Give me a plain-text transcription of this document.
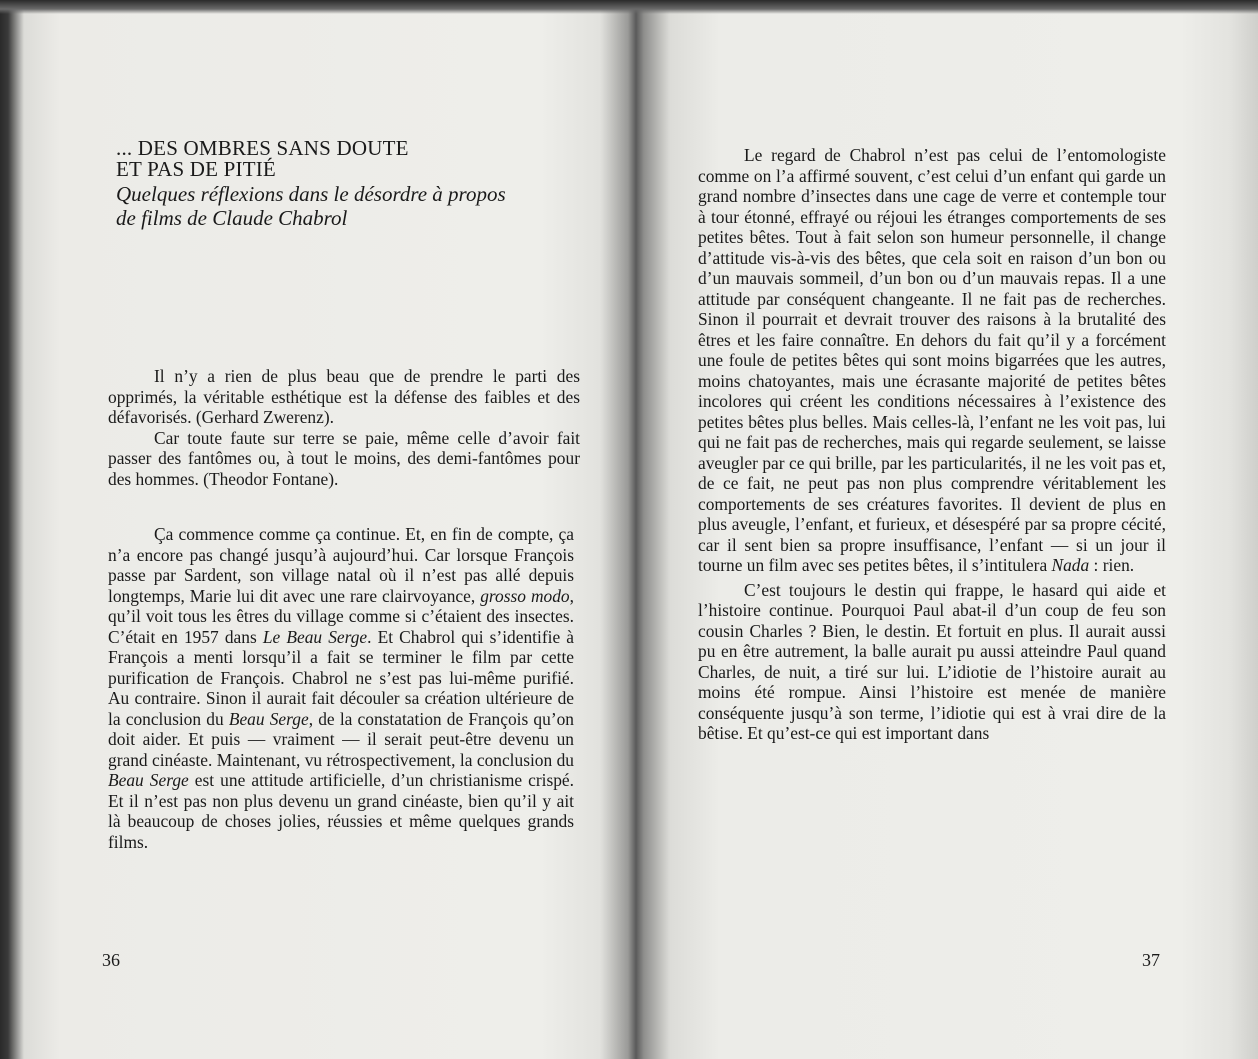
... DES OMBRES SANS DOUTE
ET PAS DE PITIÉ
Quelques réflexions dans le désordre à propos
de films de Claude Chabrol

Il n’y a rien de plus beau que de prendre le parti des opprimés, la véritable esthétique est la défense des faibles et des défavorisés. (Gerhard Zwerenz).

Car toute faute sur terre se paie, même celle d’avoir fait passer des fantômes ou, à tout le moins, des demi-fantômes pour des hommes. (Theodor Fontane).

Ça commence comme ça continue. Et, en fin de compte, ça n’a encore pas changé jusqu’à aujourd’hui. Car lorsque François passe par Sardent, son village natal où il n’est pas allé depuis longtemps, Marie lui dit avec une rare clairvoyance, grosso modo, qu’il voit tous les êtres du village comme si c’étaient des insectes. C’était en 1957 dans Le Beau Serge. Et Chabrol qui s’identifie à François a menti lorsqu’il a fait se terminer le film par cette purification de François. Chabrol ne s’est pas lui-même purifié. Au contraire. Sinon il aurait fait découler sa création ultérieure de la conclusion du Beau Serge, de la constatation de François qu’on doit aider. Et puis — vraiment — il serait peut-être devenu un grand cinéaste. Maintenant, vu rétrospectivement, la conclusion du Beau Serge est une attitude artificielle, d’un christianisme crispé. Et il n’est pas non plus devenu un grand cinéaste, bien qu’il y ait là beaucoup de choses jolies, réussies et même quelques grands films.

36

Le regard de Chabrol n’est pas celui de l’entomologiste comme on l’a affirmé souvent, c’est celui d’un enfant qui garde un grand nombre d’insectes dans une cage de verre et contemple tour à tour étonné, effrayé ou réjoui les étranges comportements de ses petites bêtes. Tout à fait selon son humeur personnelle, il change d’attitude vis-à-vis des bêtes, que cela soit en raison d’un bon ou d’un mauvais sommeil, d’un bon ou d’un mauvais repas. Il a une attitude par conséquent changeante. Il ne fait pas de recherches. Sinon il pourrait et devrait trouver des raisons à la brutalité des êtres et les faire connaître. En dehors du fait qu’il y a forcément une foule de petites bêtes qui sont moins bigarrées que les autres, moins chatoyantes, mais une écrasante majorité de petites bêtes incolores qui créent les conditions nécessaires à l’existence des petites bêtes plus belles. Mais celles-là, l’enfant ne les voit pas, lui qui ne fait pas de recherches, mais qui regarde seulement, se laisse aveugler par ce qui brille, par les particularités, il ne les voit pas et, de ce fait, ne peut pas non plus comprendre véritablement les comportements de ses créatures favorites. Il devient de plus en plus aveugle, l’enfant, et furieux, et désespéré par sa propre cécité, car il sent bien sa propre insuffisance, l’enfant — si un jour il tourne un film avec ses petites bêtes, il s’intitulera Nada : rien.

C’est toujours le destin qui frappe, le hasard qui aide et l’histoire continue. Pourquoi Paul abat-il d’un coup de feu son cousin Charles ? Bien, le destin. Et fortuit en plus. Il aurait aussi pu en être autrement, la balle aurait pu aussi atteindre Paul quand Charles, de nuit, a tiré sur lui. L’idiotie de l’histoire aurait au moins été rompue. Ainsi l’histoire est menée de manière conséquente jusqu’à son terme, l’idiotie qui est à vrai dire de la bêtise. Et qu’est-ce qui est important dans

37
